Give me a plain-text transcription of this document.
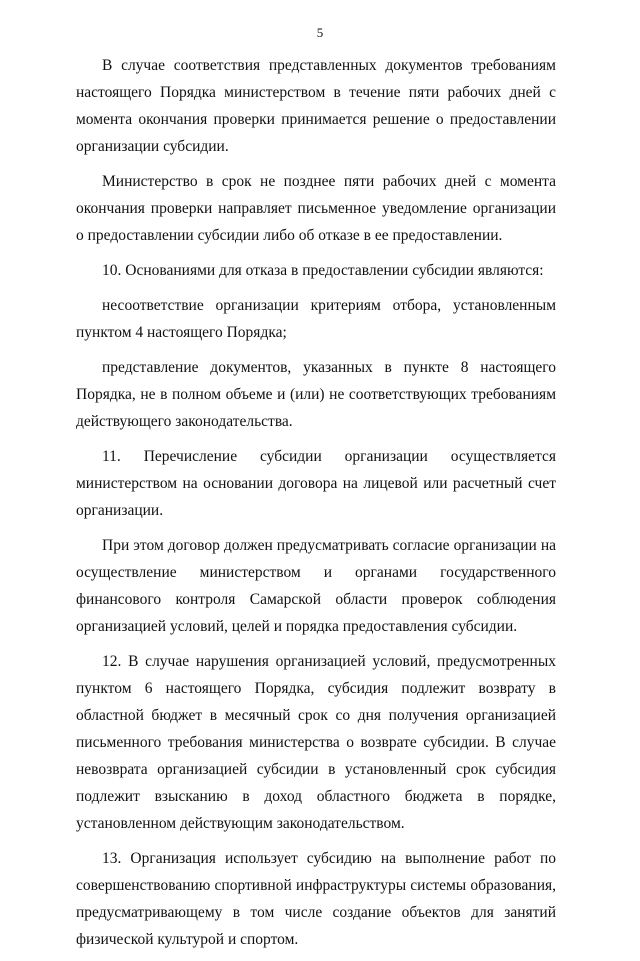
5

В случае соответствия представленных документов требованиям настоящего Порядка министерством в течение пяти рабочих дней с момента окончания проверки принимается решение о предоставлении организации субсидии.

Министерство в срок не позднее пяти рабочих дней с момента окончания проверки направляет письменное уведомление организации о предоставлении субсидии либо об отказе в ее предоставлении.

10. Основаниями для отказа в предоставлении субсидии являются:

несоответствие организации критериям отбора, установленным пунктом 4 настоящего Порядка;

представление документов, указанных в пункте 8 настоящего Порядка, не в полном объеме и (или) не соответствующих требованиям действующего законодательства.

11. Перечисление субсидии организации осуществляется министерством на основании договора на лицевой или расчетный счет организации.

При этом договор должен предусматривать согласие организации на осуществление министерством и органами государственного финансового контроля Самарской области проверок соблюдения организацией условий, целей и порядка предоставления субсидии.

12. В случае нарушения организацией условий, предусмотренных пунктом 6 настоящего Порядка, субсидия подлежит возврату в областной бюджет в месячный срок со дня получения организацией письменного требования министерства о возврате субсидии. В случае невозврата организацией субсидии в установленный срок субсидия подлежит взысканию в доход областного бюджета в порядке, установленном действующим законодательством.

13. Организация использует субсидию на выполнение работ по совершенствованию спортивной инфраструктуры системы образования, предусматривающему в том числе создание объектов для занятий физической культурой и спортом.
